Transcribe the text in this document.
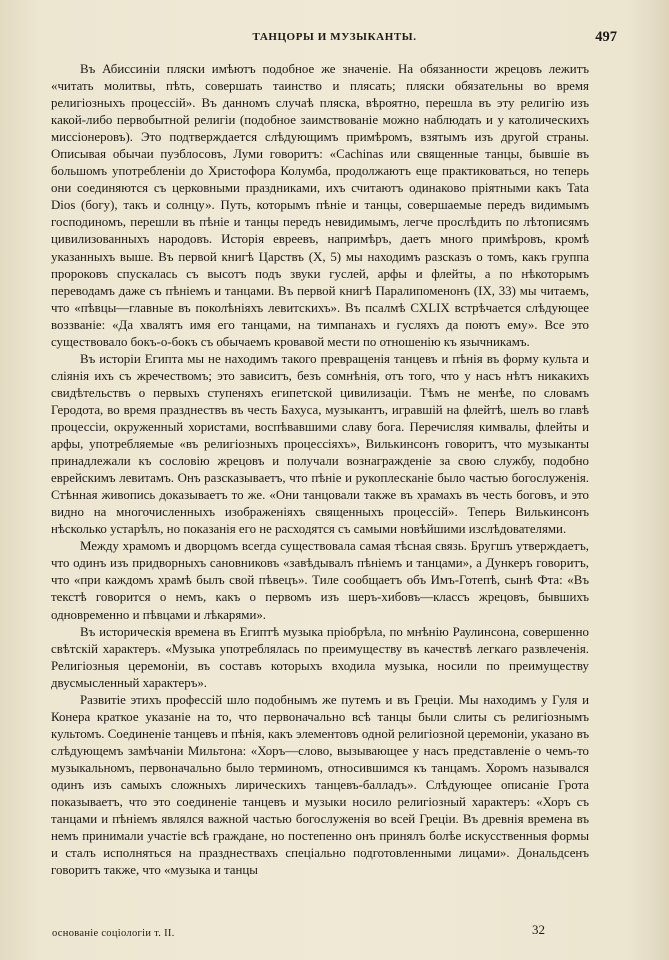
ТАНЦОРЫ И МУЗЫКАНТЫ.	497

Въ Абиссиніи пляски имѣютъ подобное же значеніе. На обязанности жрецовъ лежитъ «читать молитвы, пѣть, совершать таинство и плясать; пляски обязательны во время религіозныхъ процессій». Въ данномъ случаѣ пляска, вѣроятно, перешла въ эту религію изъ какой-либо первобытной религіи (подобное заимствованіе можно наблюдать и у католическихъ миссіонеровъ). Это подтверждается слѣдующимъ примѣромъ, взятымъ изъ другой страны. Описывая обычаи пуэблосовъ, Луми говоритъ: «Cachinas или священные танцы, бывшіе въ большомъ употребленіи до Христофора Колумба, продолжаютъ еще практиковаться, но теперь они соединяются съ церковными праздниками, ихъ считаютъ одинаково пріятными какъ Tata Dios (богу), такъ и солнцу». Путь, которымъ пѣніе и танцы, совершаемые передъ видимымъ господиномъ, перешли въ пѣніе и танцы передъ невидимымъ, легче прослѣдить по лѣтописямъ цивилизованныхъ народовъ. Исторія евреевъ, напримѣръ, даетъ много примѣровъ, кромѣ указанныхъ выше. Въ первой книгѣ Царствъ (X, 5) мы находимъ разсказъ о томъ, какъ группа пророковъ спускалась съ высотъ подъ звуки гуслей, арфы и флейты, а по нѣкоторымъ переводамъ даже съ пѣніемъ и танцами. Въ первой книгѣ Паралипоменонъ (IX, 33) мы читаемъ, что «пѣвцы—главные въ поколѣніяхъ левитскихъ». Въ псалмѣ CXLIX встрѣчается слѣдующее воззваніе: «Да хвалятъ имя его танцами, на тимпанахъ и гусляхъ да поютъ ему». Все это существовало бокъ-о-бокъ съ обычаемъ кровавой мести по отношенію къ язычникамъ.

Въ исторіи Египта мы не находимъ такого превращенія танцевъ и пѣнія въ форму культа и сліянія ихъ съ жречествомъ; это зависитъ, безъ сомнѣнія, отъ того, что у насъ нѣтъ никакихъ свидѣтельствъ о первыхъ ступеняхъ египетской цивилизаціи. Тѣмъ не менѣе, по словамъ Геродота, во время празднествъ въ честь Бахуса, музыкантъ, игравшій на флейтѣ, шелъ во главѣ процессіи, окруженный хористами, воспѣвавшими славу бога. Перечисляя кимвалы, флейты и арфы, употребляемые «въ религіозныхъ процессіяхъ», Вилькинсонъ говоритъ, что музыканты принадлежали къ сословію жрецовъ и получали вознагражденіе за свою службу, подобно еврейскимъ левитамъ. Онъ разсказываетъ, что пѣніе и рукоплесканіе было частью богослуженія. Стѣнная живопись доказываетъ то же. «Они танцовали также въ храмахъ въ честь боговъ, и это видно на многочисленныхъ изображеніяхъ священныхъ процессій». Теперь Вилькинсонъ нѣсколько устарѣлъ, но показанія его не расходятся съ самыми новѣйшими изслѣдователями.

Между храмомъ и дворцомъ всегда существовала самая тѣсная связь. Бругшъ утверждаетъ, что одинъ изъ придворныхъ сановниковъ «завѣдывалъ пѣніемъ и танцами», а Дункеръ говоритъ, что «при каждомъ храмѣ былъ свой пѣвецъ». Тиле сообщаетъ объ Имъ-Готепѣ, сынѣ Фта: «Въ текстѣ говорится о немъ, какъ о первомъ изъ шеръ-хибовъ—классъ жрецовъ, бывшихъ одновременно и пѣвцами и лѣкарями».

Въ историческія времена въ Египтѣ музыка пріобрѣла, по мнѣнію Раулинсона, совершенно свѣтскій характеръ. «Музыка употреблялась по преимуществу въ качествѣ легкаго развлеченія. Религіозныя церемоніи, въ составъ которыхъ входила музыка, носили по преимуществу двусмысленный характеръ».

Развитіе этихъ профессій шло подобнымъ же путемъ и въ Греціи. Мы находимъ у Гуля и Конера краткое указаніе на то, что первоначально всѣ танцы были слиты съ религіознымъ культомъ. Соединеніе танцевъ и пѣнія, какъ элементовъ одной религіозной церемоніи, указано въ слѣдующемъ замѣчаніи Мильтона: «Хоръ—слово, вызывающее у насъ представленіе о чемъ-то музыкальномъ, первоначально было терминомъ, относившимся къ танцамъ. Хоромъ назывался одинъ изъ самыхъ сложныхъ лирическихъ танцевъ-балладъ». Слѣдующее описаніе Грота показываетъ, что это соединеніе танцевъ и музыки носило религіозный характеръ: «Хоръ съ танцами и пѣніемъ являлся важной частью богослуженія во всей Греціи. Въ древнія времена въ немъ принимали участіе всѣ граждане, но постепенно онъ принялъ болѣе искусственныя формы и сталъ исполняться на празднествахъ спеціально подготовленными лицами». Дональдсенъ говоритъ также, что «музыка и танцы

основаніе соціологіи т. II.	32
